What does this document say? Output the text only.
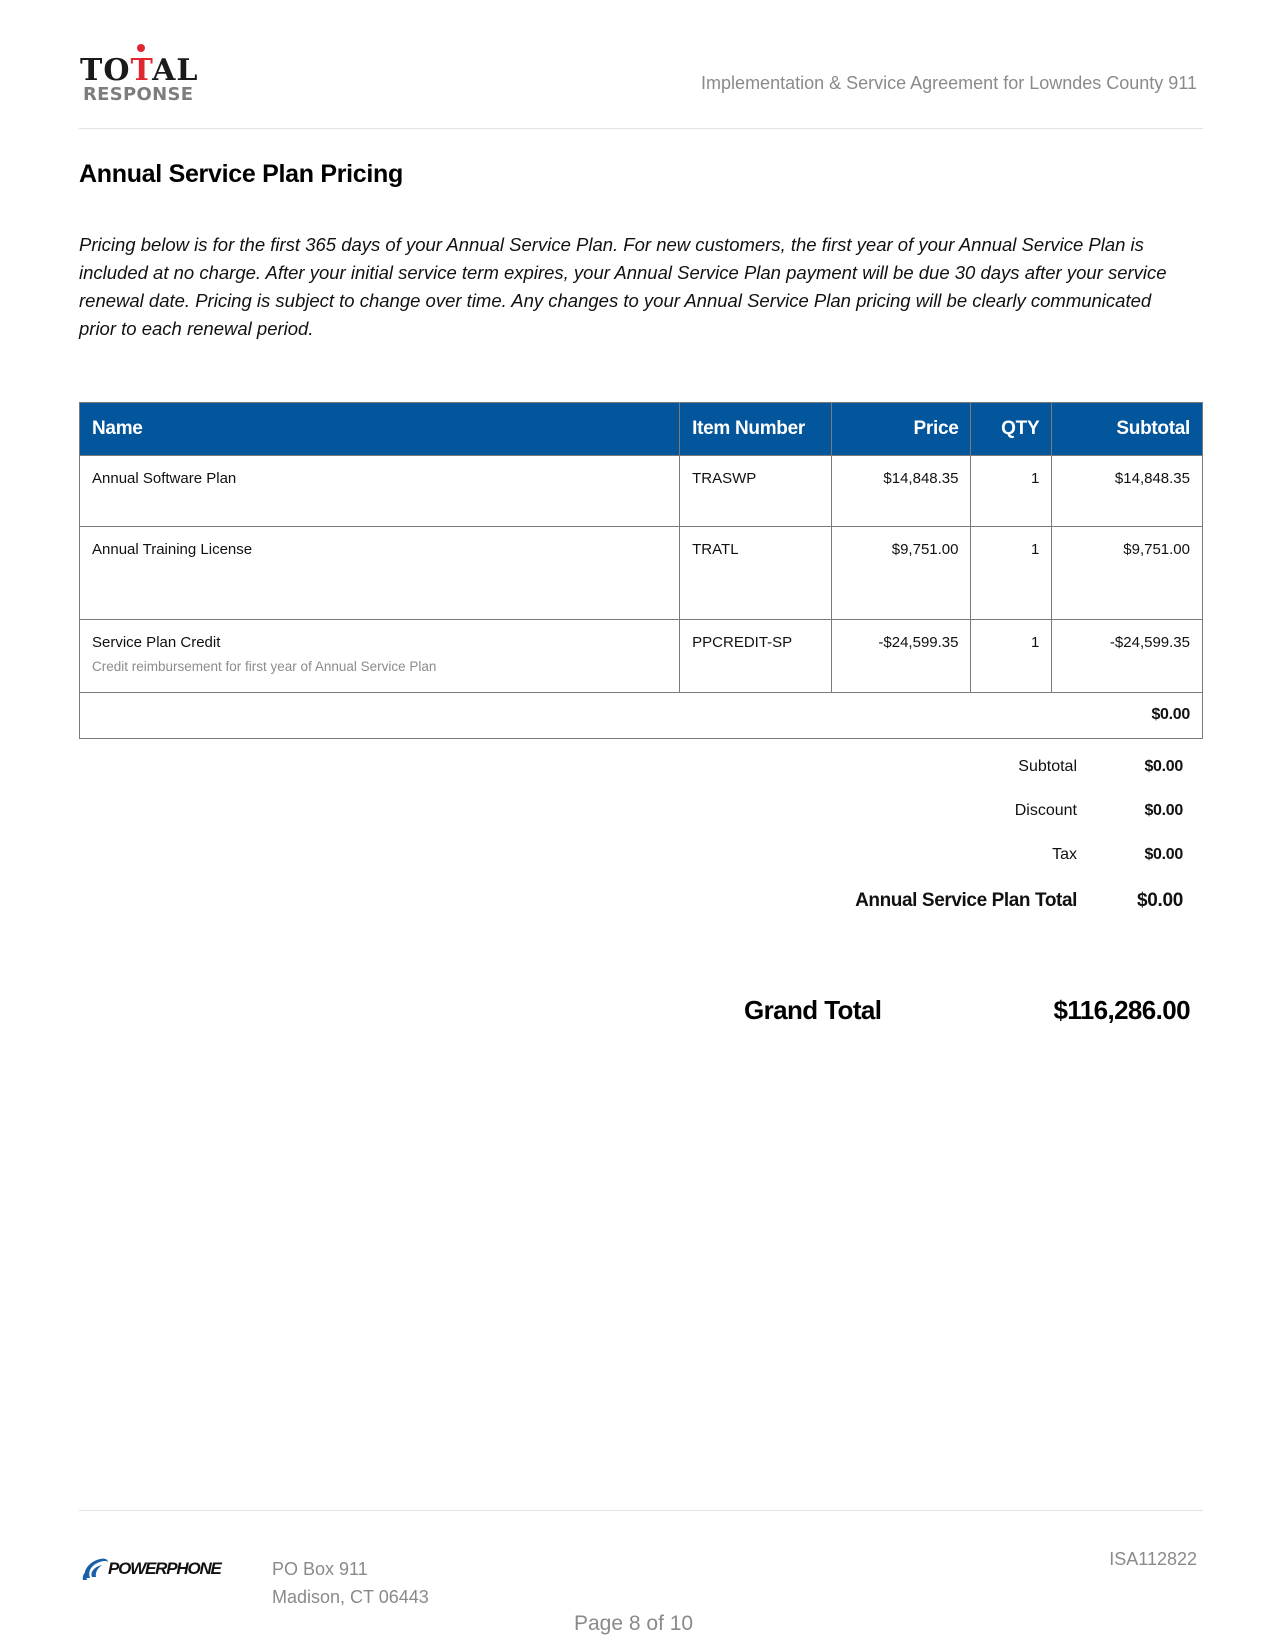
TOTAL
RESPONSE
Implementation & Service Agreement for Lowndes County 911
Annual Service Plan Pricing

Pricing below is for the first 365 days of your Annual Service Plan. For new customers, the first year of your Annual Service Plan is included at no charge. After your initial service term expires, your Annual Service Plan payment will be due 30 days after your service renewal date. Pricing is subject to change over time. Any changes to your Annual Service Plan pricing will be clearly communicated prior to each renewal period.

Name	Item Number	Price	QTY	Subtotal
Annual Software Plan	TRASWP	$14,848.35	1	$14,848.35
Annual Training License	TRATL	$9,751.00	1	$9,751.00
Service Plan Credit
Credit reimbursement for first year of Annual Service Plan	PPCREDIT-SP	-$24,599.35	1	-$24,599.35
$0.00				
Subtotal	$0.00
Discount	$0.00
Tax	$0.00
Annual Service Plan Total	$0.00
Grand Total	$116,286.00
POWERPHONE	PO Box 911
Madison, CT 06443
ISA112822
Page 8 of 10
